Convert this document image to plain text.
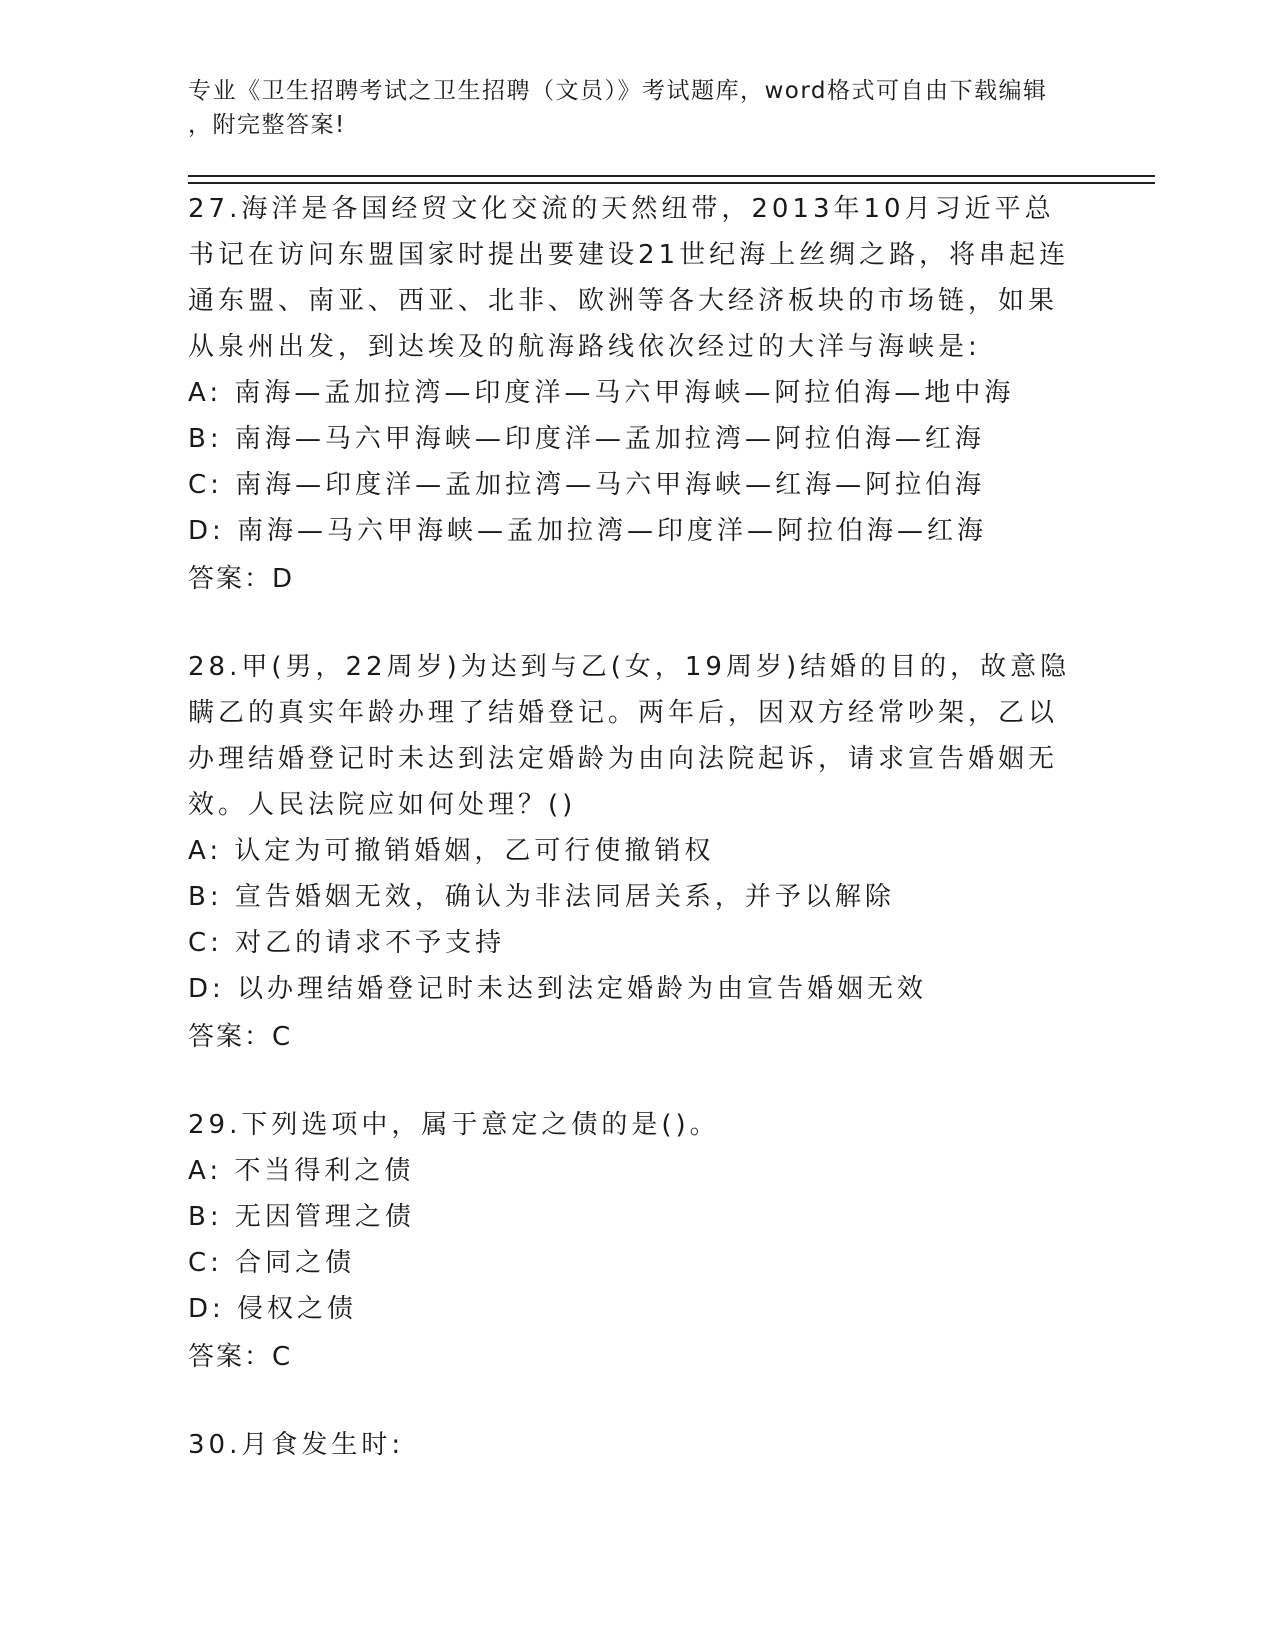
专业《卫生招聘考试之卫生招聘（文员）》考试题库，word格式可自由下载编辑
，附完整答案!
27.海洋是各国经贸文化交流的天然纽带，2013年10月习近平总书记在访问东盟国家时提出要建设21世纪海上丝绸之路，将串起连通东盟、南亚、西亚、北非、欧洲等各大经济板块的市场链，如果从泉州出发，到达埃及的航海路线依次经过的大洋与海峡是:
A: 南海—孟加拉湾—印度洋—马六甲海峡—阿拉伯海—地中海
B: 南海—马六甲海峡—印度洋—孟加拉湾—阿拉伯海—红海
C: 南海—印度洋—孟加拉湾—马六甲海峡—红海—阿拉伯海
D: 南海—马六甲海峡—孟加拉湾—印度洋—阿拉伯海—红海
答案：D
28.甲(男，22周岁)为达到与乙(女，19周岁)结婚的目的，故意隐瞒乙的真实年龄办理了结婚登记。两年后，因双方经常吵架，乙以办理结婚登记时未达到法定婚龄为由向法院起诉，请求宣告婚姻无效。人民法院应如何处理？()
A: 认定为可撤销婚姻，乙可行使撤销权
B: 宣告婚姻无效，确认为非法同居关系，并予以解除
C: 对乙的请求不予支持
D: 以办理结婚登记时未达到法定婚龄为由宣告婚姻无效
答案：C
29.下列选项中，属于意定之债的是()。
A: 不当得利之债
B: 无因管理之债
C: 合同之债
D: 侵权之债
答案：C
30.月食发生时:
